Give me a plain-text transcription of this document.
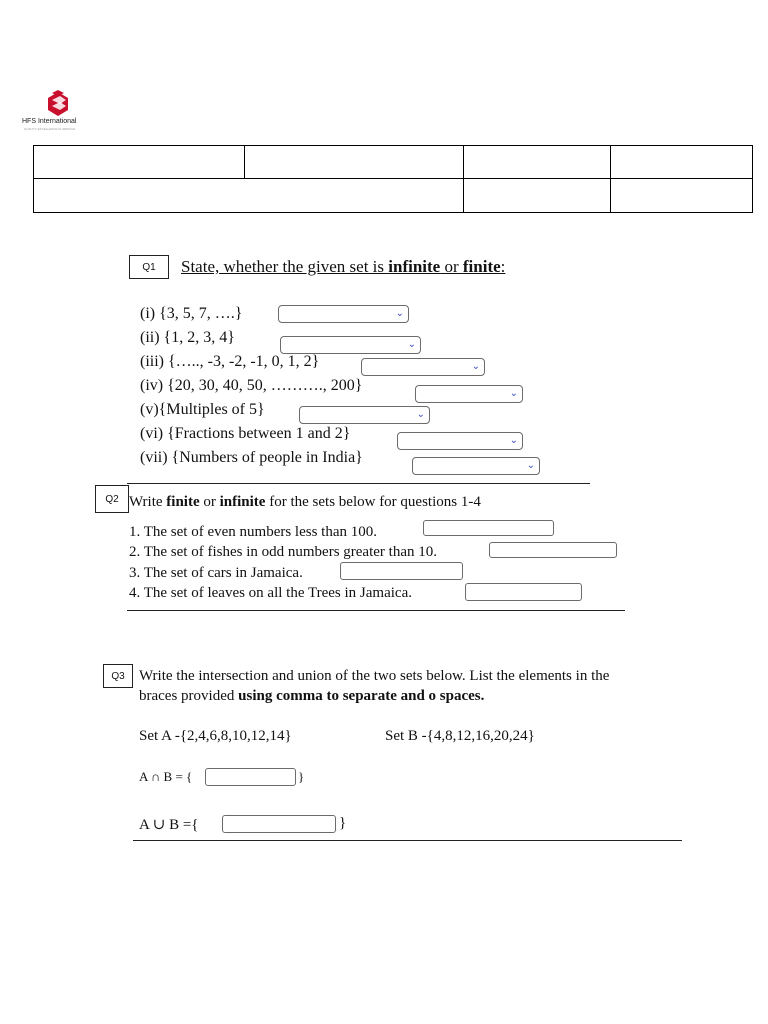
HFS International
QUALITY EXCELLENCE IN SERVICE

Q1	State, whether the given set is infinite or finite:
(i) {3, 5, 7, ….}	⌄
(ii) {1, 2, 3, 4}	⌄
(iii) {….., -3, -2, -1, 0, 1, 2}	⌄
(iv) {20, 30, 40, 50, ………., 200}	⌄
(v){Multiples of 5}	⌄
(vi) {Fractions between 1 and 2}	⌄
(vii) {Numbers of people in India}	⌄
Q2 Write finite or infinite for the sets below for questions 1-4
1. The set of even numbers less than 100.
2. The set of fishes in odd numbers greater than 10.
3. The set of cars in Jamaica.
4. The set of leaves on all the Trees in Jamaica.
Q3 Write the intersection and union of the two sets below. List the elements in the
braces provided using comma to separate and o spaces.
Set A -{2,4,6,8,10,12,14}	Set B -{4,8,12,16,20,24}
A ∩ B = {	}
A ∪ B ={	}
